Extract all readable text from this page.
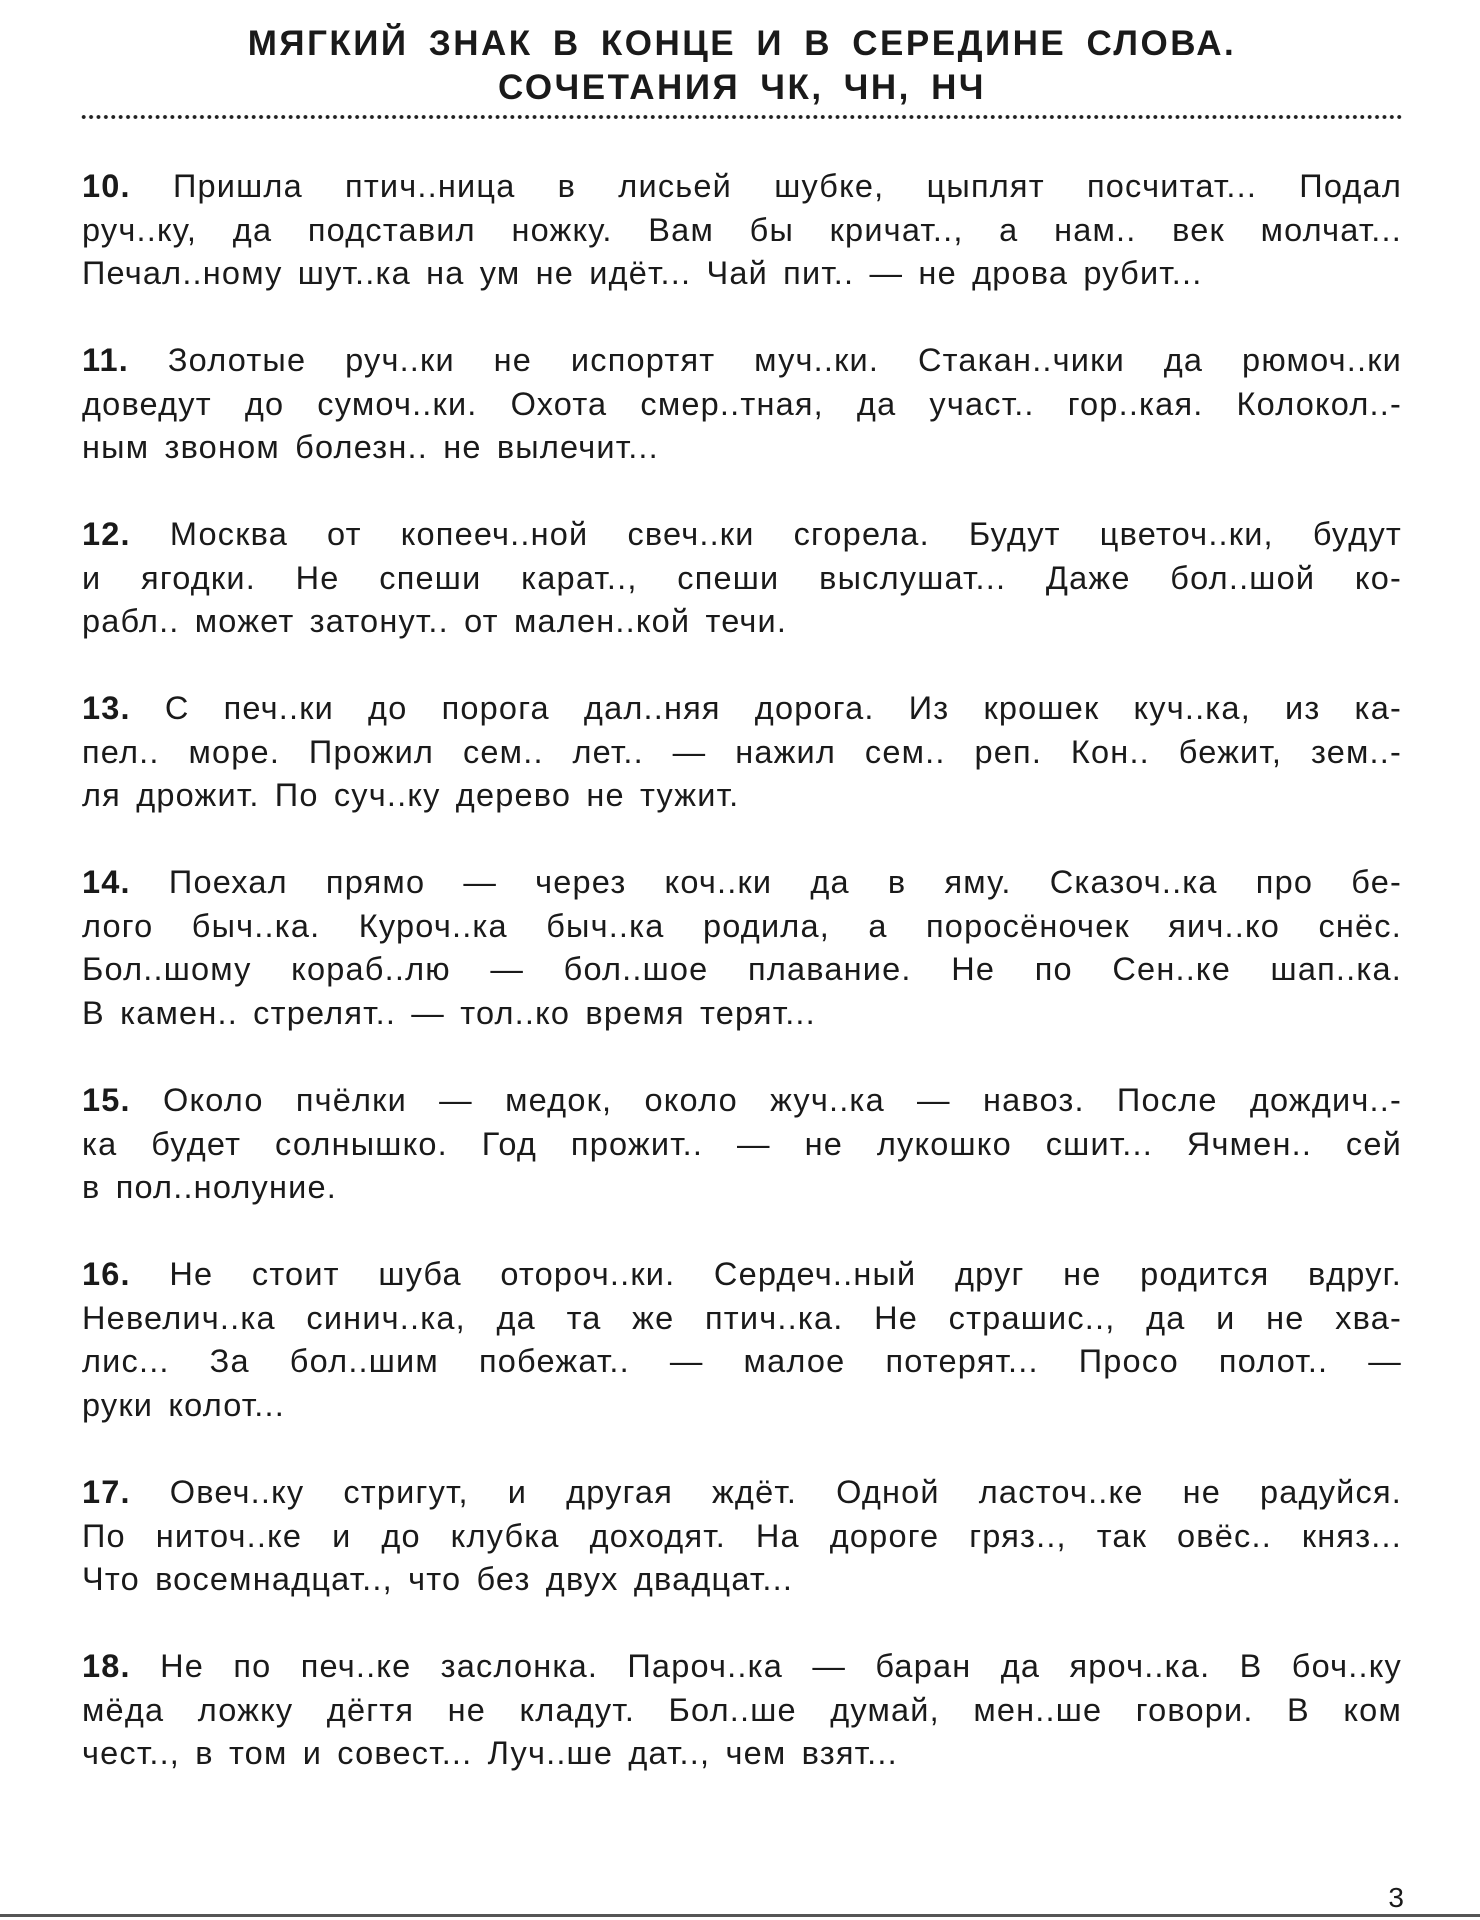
МЯГКИЙ ЗНАК В КОНЦЕ И В СЕРЕДИНЕ СЛОВА.
СОЧЕТАНИЯ ЧК, ЧН, НЧ
10. Пришла птич..ница в лисьей шубке, цыплят посчитат... Подал
руч..ку, да подставил ножку. Вам бы кричат.., а нам.. век молчат...
Печал..ному шут..ка на ум не идёт... Чай пит.. — не дрова рубит...
11. Золотые руч..ки не испортят муч..ки. Стакан..чики да рюмоч..ки
доведут до сумоч..ки. Охота смер..тная, да участ.. гор..кая. Колокол..-
ным звоном болезн.. не вылечит...
12. Москва от копееч..ной свеч..ки сгорела. Будут цветоч..ки, будут
и ягодки. Не спеши карат.., спеши выслушат... Даже бол..шой ко-
рабл.. может затонут.. от мален..кой течи.
13. С печ..ки до порога дал..няя дорога. Из крошек куч..ка, из ка-
пел.. море. Прожил сем.. лет.. — нажил сем.. реп. Кон.. бежит, зем..-
ля дрожит. По суч..ку дерево не тужит.
14. Поехал прямо — через коч..ки да в яму. Сказоч..ка про бе-
лого быч..ка. Куроч..ка быч..ка родила, а поросёночек яич..ко снёс.
Бол..шому кораб..лю — бол..шое плавание. Не по Сен..ке шап..ка.
В камен.. стрелят.. — тол..ко время терят...
15. Около пчёлки — медок, около жуч..ка — навоз. После дождич..-
ка будет солнышко. Год прожит.. — не лукошко сшит... Ячмен.. сей
в пол..нолуние.
16. Не стоит шуба отороч..ки. Сердеч..ный друг не родится вдруг.
Невелич..ка синич..ка, да та же птич..ка. Не страшис.., да и не хва-
лис... За бол..шим побежат.. — малое потерят... Просо полот.. —
руки колот...
17. Овеч..ку стригут, и другая ждёт. Одной ласточ..ке не радуйся.
По ниточ..ке и до клубка доходят. На дороге гряз.., так овёс.. княз...
Что восемнадцат.., что без двух двадцат...
18. Не по печ..ке заслонка. Пароч..ка — баран да яроч..ка. В боч..ку
мёда ложку дёгтя не кладут. Бол..ше думай, мен..ше говори. В ком
чест.., в том и совест... Луч..ше дат.., чем взят...
3
